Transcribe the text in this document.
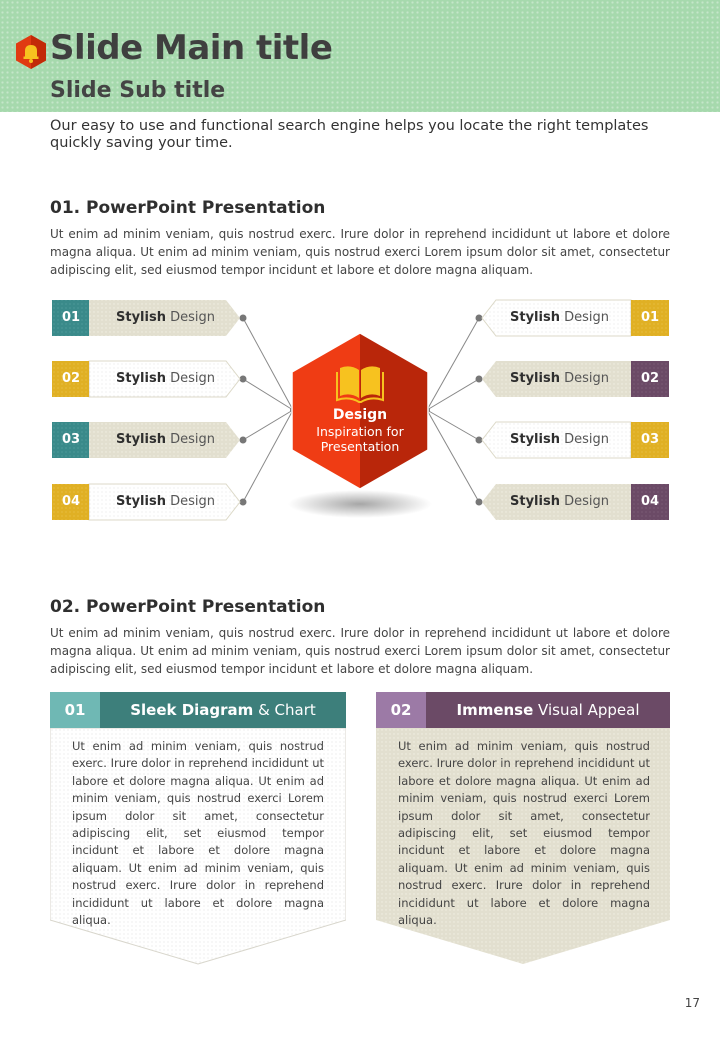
Slide Main title
Slide Sub title

Our easy to use and functional search engine helps you locate the right templates quickly saving your time.

01. PowerPoint Presentation

Ut enim ad minim veniam, quis nostrud exerc. Irure dolor in reprehend incididunt ut labore et dolore magna aliqua. Ut enim ad minim veniam, quis nostrud exerci Lorem ipsum dolor sit amet, consectetur adipiscing elit, sed eiusmod tempor incidunt et labore et dolore magna aliquam.

01	Stylish Design
02	Stylish Design
03	Stylish Design
04	Stylish Design
01
Stylish Design
02
Stylish Design
03
Stylish Design
04
Stylish Design
Design
Inspiration for
Presentation
02. PowerPoint Presentation

Ut enim ad minim veniam, quis nostrud exerc. Irure dolor in reprehend incididunt ut labore et dolore magna aliqua. Ut enim ad minim veniam, quis nostrud exerci Lorem ipsum dolor sit amet, consectetur adipiscing elit, sed eiusmod tempor incidunt et labore et dolore magna aliquam.

01	Sleek Diagram & Chart

Ut enim ad minim veniam, quis nostrud exerc. Irure dolor in reprehend incididunt ut labore et dolore magna aliqua. Ut enim ad minim veniam, quis nostrud exerci Lorem ipsum dolor sit amet, consectetur adipiscing elit, set eiusmod tempor incidunt et labore et dolore magna aliquam. Ut enim ad minim veniam, quis nostrud exerc. Irure dolor in reprehend incididunt ut labore et dolore magna aliqua.

02	Immense Visual Appeal

Ut enim ad minim veniam, quis nostrud exerc. Irure dolor in reprehend incididunt ut labore et dolore magna aliqua. Ut enim ad minim veniam, quis nostrud exerci Lorem ipsum dolor sit amet, consectetur adipiscing elit, set eiusmod tempor incidunt et labore et dolore magna aliquam. Ut enim ad minim veniam, quis nostrud exerc. Irure dolor in reprehend incididunt ut labore et dolore magna aliqua.

17
